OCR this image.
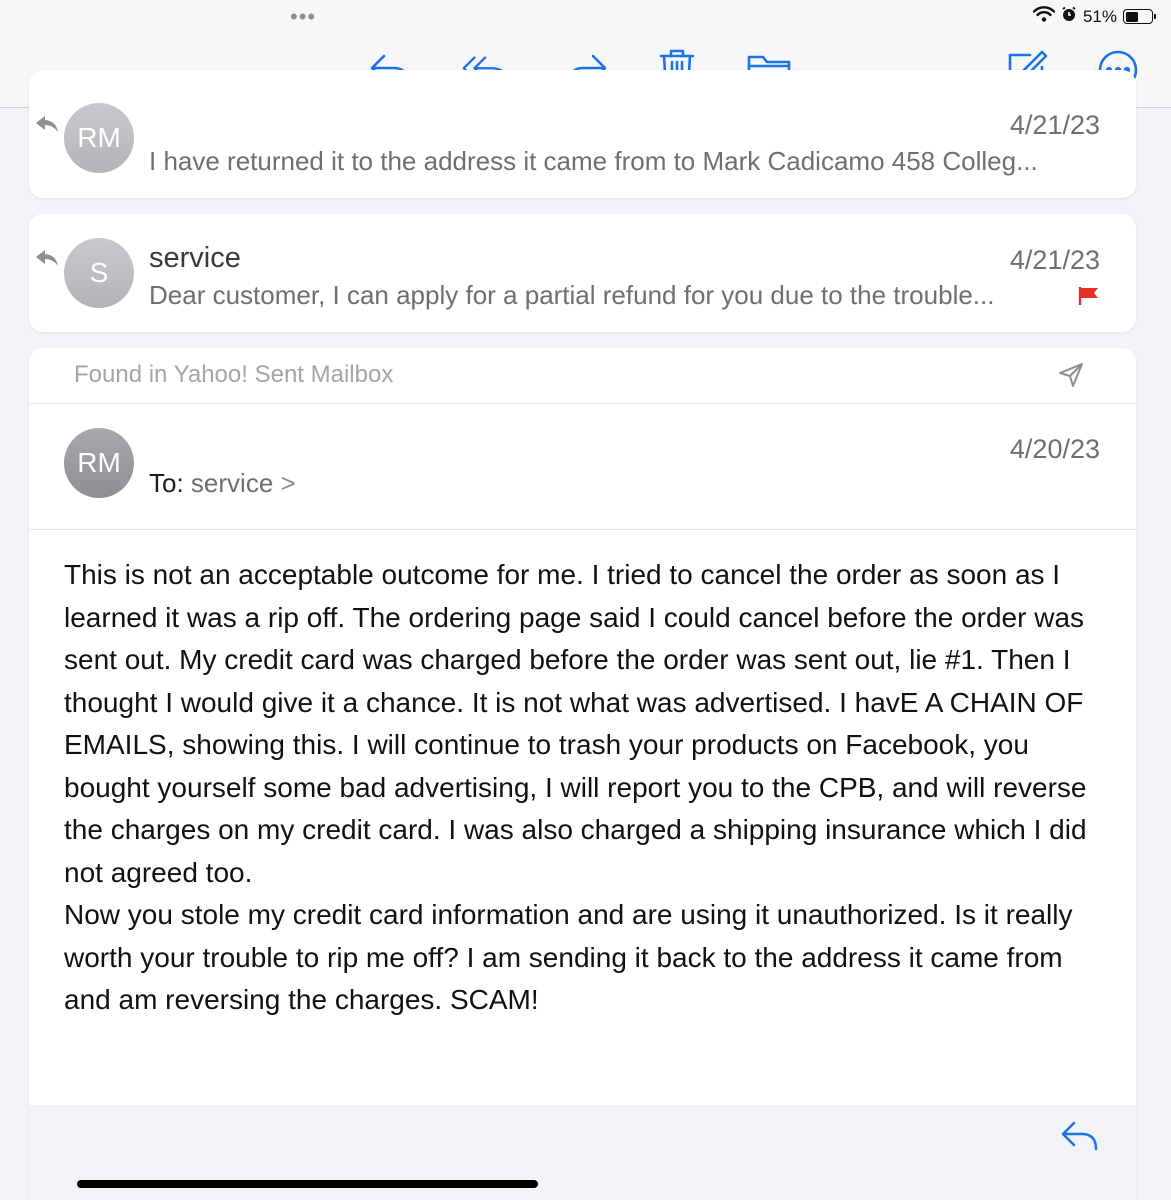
•••	51%
RM	4/21/23
I have returned it to the address it came from to Mark Cadicamo 458 Colleg...
S	service	4/21/23
Dear customer, I can apply for a partial refund for you due to the trouble...
Found in Yahoo! Sent Mailbox
RM
To: service >
4/20/23

This is not an acceptable outcome for me. I tried to cancel the order as soon as I learned it was a rip off. The ordering page said I could cancel before the order was sent out. My credit card was charged before the order was sent out, lie #1. Then I thought I would give it a chance. It is not what was advertised. I havE A CHAIN OF EMAILS, showing this. I will continue to trash your products on Facebook, you bought yourself some bad advertising, I will report you to the CPB, and will reverse the charges on my credit card. I was also charged a shipping insurance which I did not agreed too.

Now you stole my credit card information and are using it unauthorized. Is it really worth your trouble to rip me off? I am sending it back to the address it came from and am reversing the charges. SCAM!
